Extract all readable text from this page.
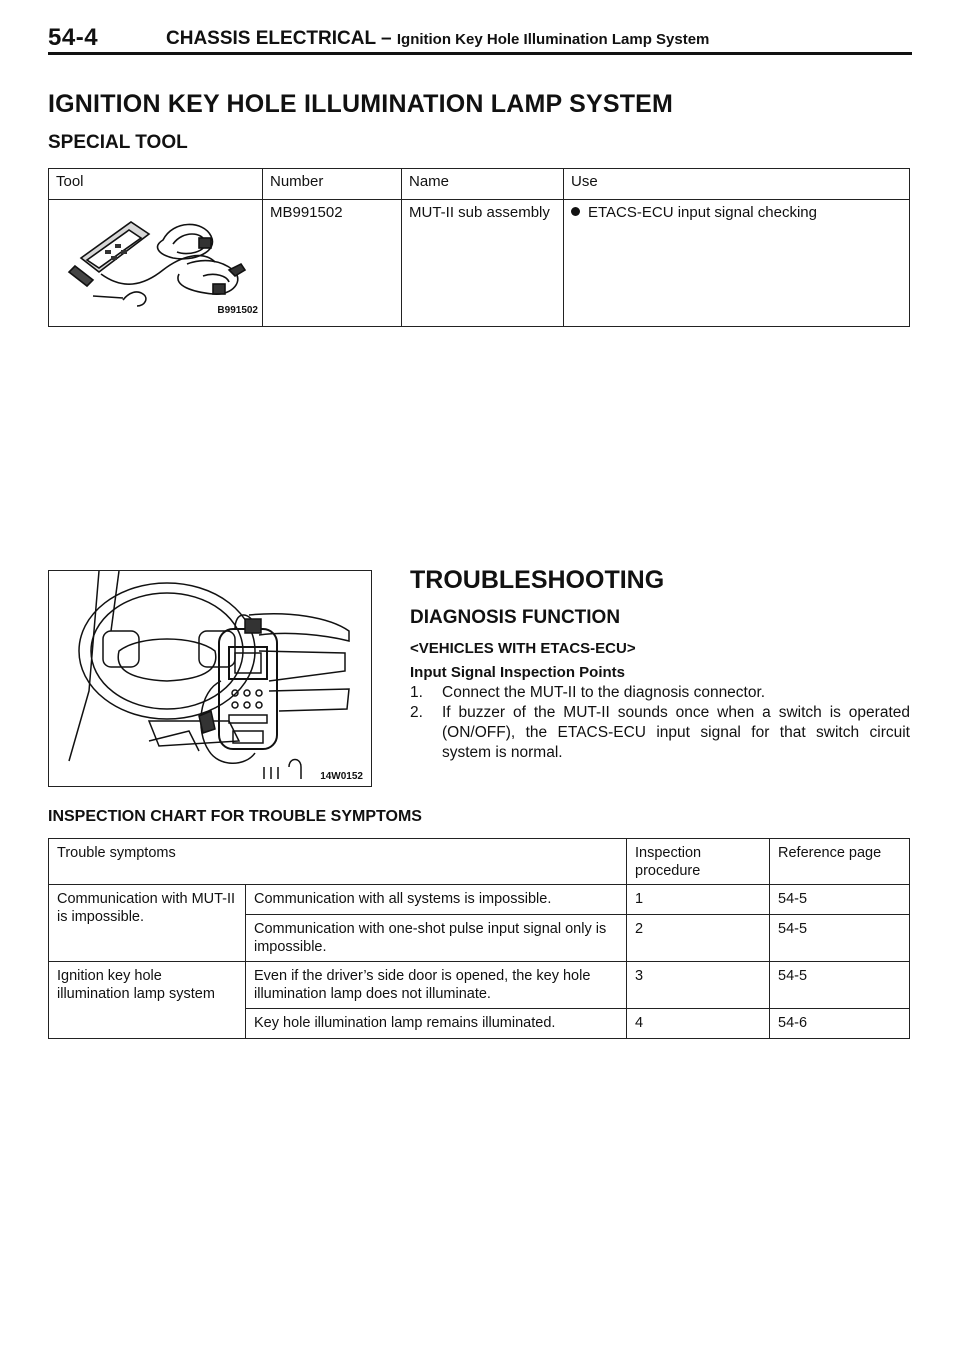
54-4	CHASSIS ELECTRICAL – Ignition Key Hole Illumination Lamp System
IGNITION KEY HOLE ILLUMINATION LAMP SYSTEM
SPECIAL TOOL
Tool	Number	Name	Use

B991502	MB991502	MUT-II sub assembly	ETACS-ECU input signal checking
14W0152
TROUBLESHOOTING
DIAGNOSIS FUNCTION
<VEHICLES WITH ETACS-ECU>
Input Signal Inspection Points
1. Connect the MUT-II to the diagnosis connector.
2. If buzzer of the MUT-II sounds once when a switch is operated (ON/OFF), the ETACS-ECU input signal for that switch circuit system is normal.
INSPECTION CHART FOR TROUBLE SYMPTOMS
Trouble symptoms		Inspection procedure	Reference page
Communication with MUT-II is impossible.	Communication with all systems is impossible.	1	54-5
	Communication with one-shot pulse input signal only is impossible.	2	54-5
Ignition key hole illumination lamp system	Even if the driver’s side door is opened, the key hole illumination lamp does not illuminate.	3	54-5
	Key hole illumination lamp remains illuminated.	4	54-6
